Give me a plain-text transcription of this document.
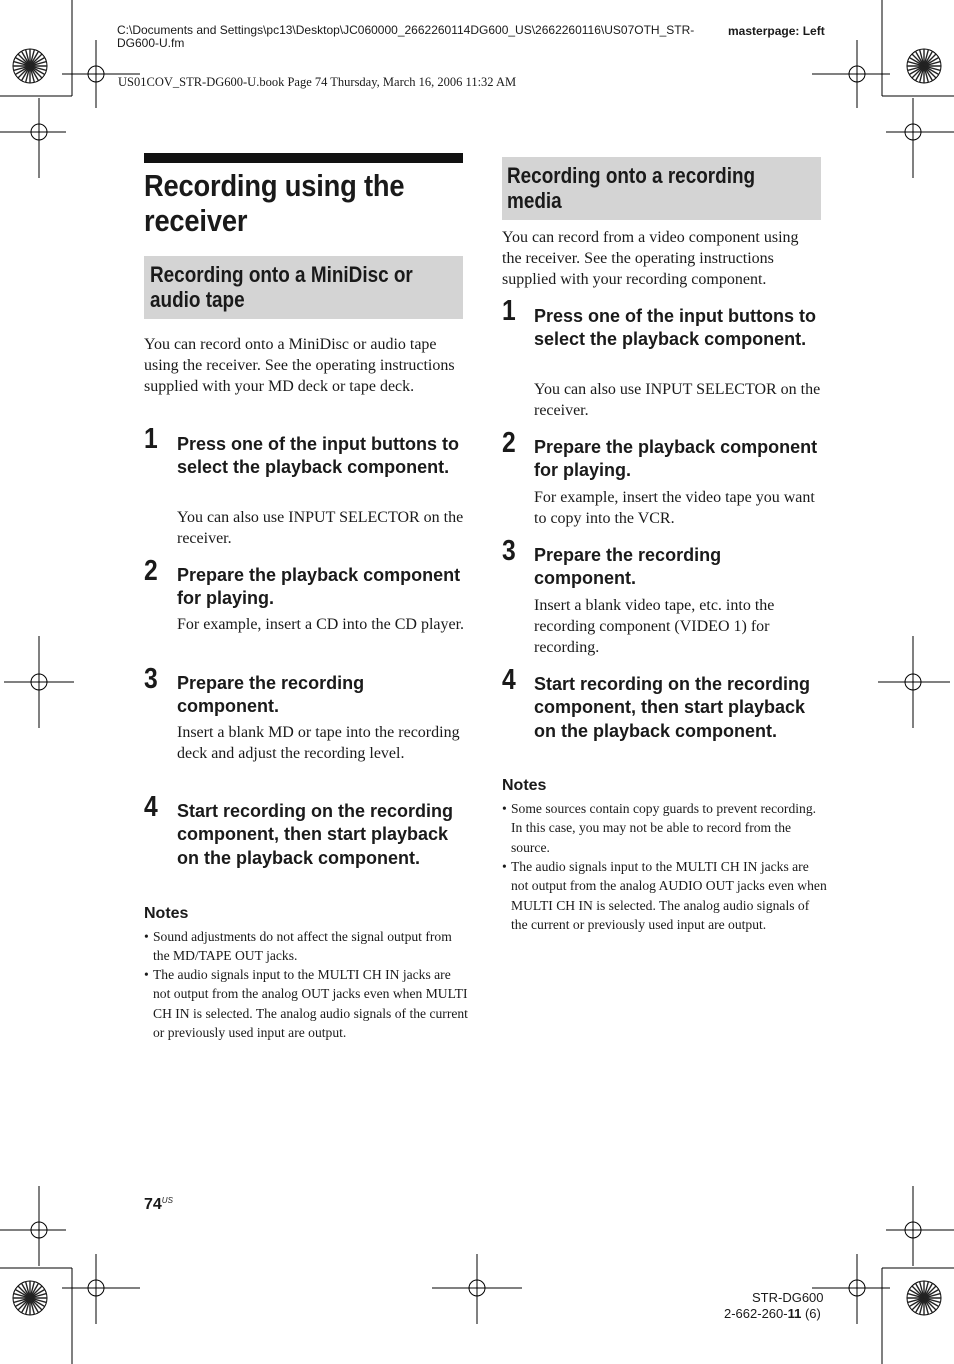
C:\Documents and Settings\pc13\Desktop\JC060000_2662260114DG600_US\2662260116\US07OTH_STR-DG600-U.fm
masterpage: Left
US01COV_STR-DG600-U.book Page 74 Thursday, March 16, 2006 11:32 AM
Recording using the receiver
Recording onto a MiniDisc or audio tape
You can record onto a MiniDisc or audio tape using the receiver. See the operating instructions supplied with your MD deck or tape deck.
1 Press one of the input buttons to select the playback component.
You can also use INPUT SELECTOR on the receiver.
2 Prepare the playback component for playing.
For example, insert a CD into the CD player.
3 Prepare the recording component.
Insert a blank MD or tape into the recording deck and adjust the recording level.
4 Start recording on the recording component, then start playback on the playback component.
Notes
• Sound adjustments do not affect the signal output from the MD/TAPE OUT jacks.
• The audio signals input to the MULTI CH IN jacks are not output from the analog OUT jacks even when MULTI CH IN is selected. The analog audio signals of the current or previously used input are output.
Recording onto a recording media
You can record from a video component using the receiver. See the operating instructions supplied with your recording component.
1 Press one of the input buttons to select the playback component.
You can also use INPUT SELECTOR on the receiver.
2 Prepare the playback component for playing.
For example, insert the video tape you want to copy into the VCR.
3 Prepare the recording component.
Insert a blank video tape, etc. into the recording component (VIDEO 1) for recording.
4 Start recording on the recording component, then start playback on the playback component.
Notes
• Some sources contain copy guards to prevent recording. In this case, you may not be able to record from the source.
• The audio signals input to the MULTI CH IN jacks are not output from the analog AUDIO OUT jacks even when MULTI CH IN is selected. The analog audio signals of the current or previously used input are output.
$74^{US}$
STR-DG600
2-662-260-11 (6)
